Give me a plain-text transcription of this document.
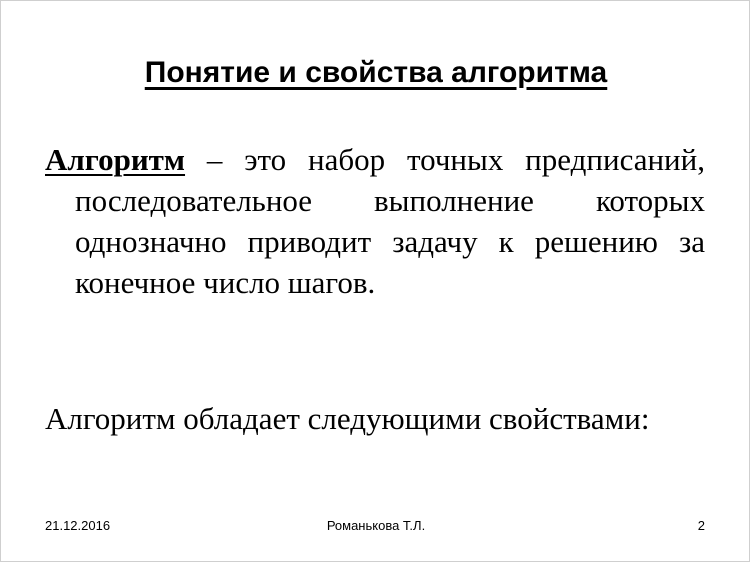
Понятие и свойства алгоритма
Алгоритм – это набор точных предписаний, последовательное выполнение которых однозначно приводит задачу к решению за конечное число шагов.
Алгоритм обладает следующими свойствами:
21.12.2016	Романькова Т.Л.	2
